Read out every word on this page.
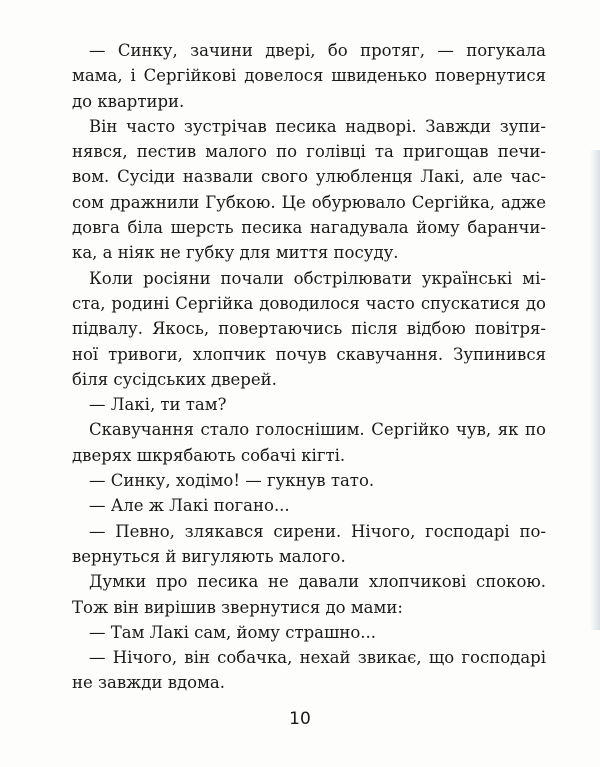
— Синку, зачини двері, бо протяг, — погукала
мама, і Сергійкові довелося швиденько повернутися
до квартири.
Він часто зустрічав песика надворі. Завжди зупи-
нявся, пестив малого по голівці та пригощав печи-
вом. Сусіди назвали свого улюбленця Лакі, але час-
сом дражнили Губкою. Це обурювало Сергійка, адже
довга біла шерсть песика нагадувала йому баранчи-
ка, а ніяк не губку для миття посуду.
Коли росіяни почали обстрілювати українські мі-
ста, родині Сергійка доводилося часто спускатися до
підвалу. Якось, повертаючись після відбою повітря-
ної тривоги, хлопчик почув скавучання. Зупинився
біля сусідських дверей.
— Лакі, ти там?
Скавучання стало голоснішим. Сергійко чув, як по
дверях шкрябають собачі кігті.
— Синку, ходімо! — гукнув тато.
— Але ж Лакі погано...
— Певно, злякався сирени. Нічого, господарі по-
вернуться й вигуляють малого.
Думки про песика не давали хлопчикові спокою.
Тож він вирішив звернутися до мами:
— Там Лакі сам, йому страшно...
— Нічого, він собачка, нехай звикає, що господарі
не завжди вдома.
10
